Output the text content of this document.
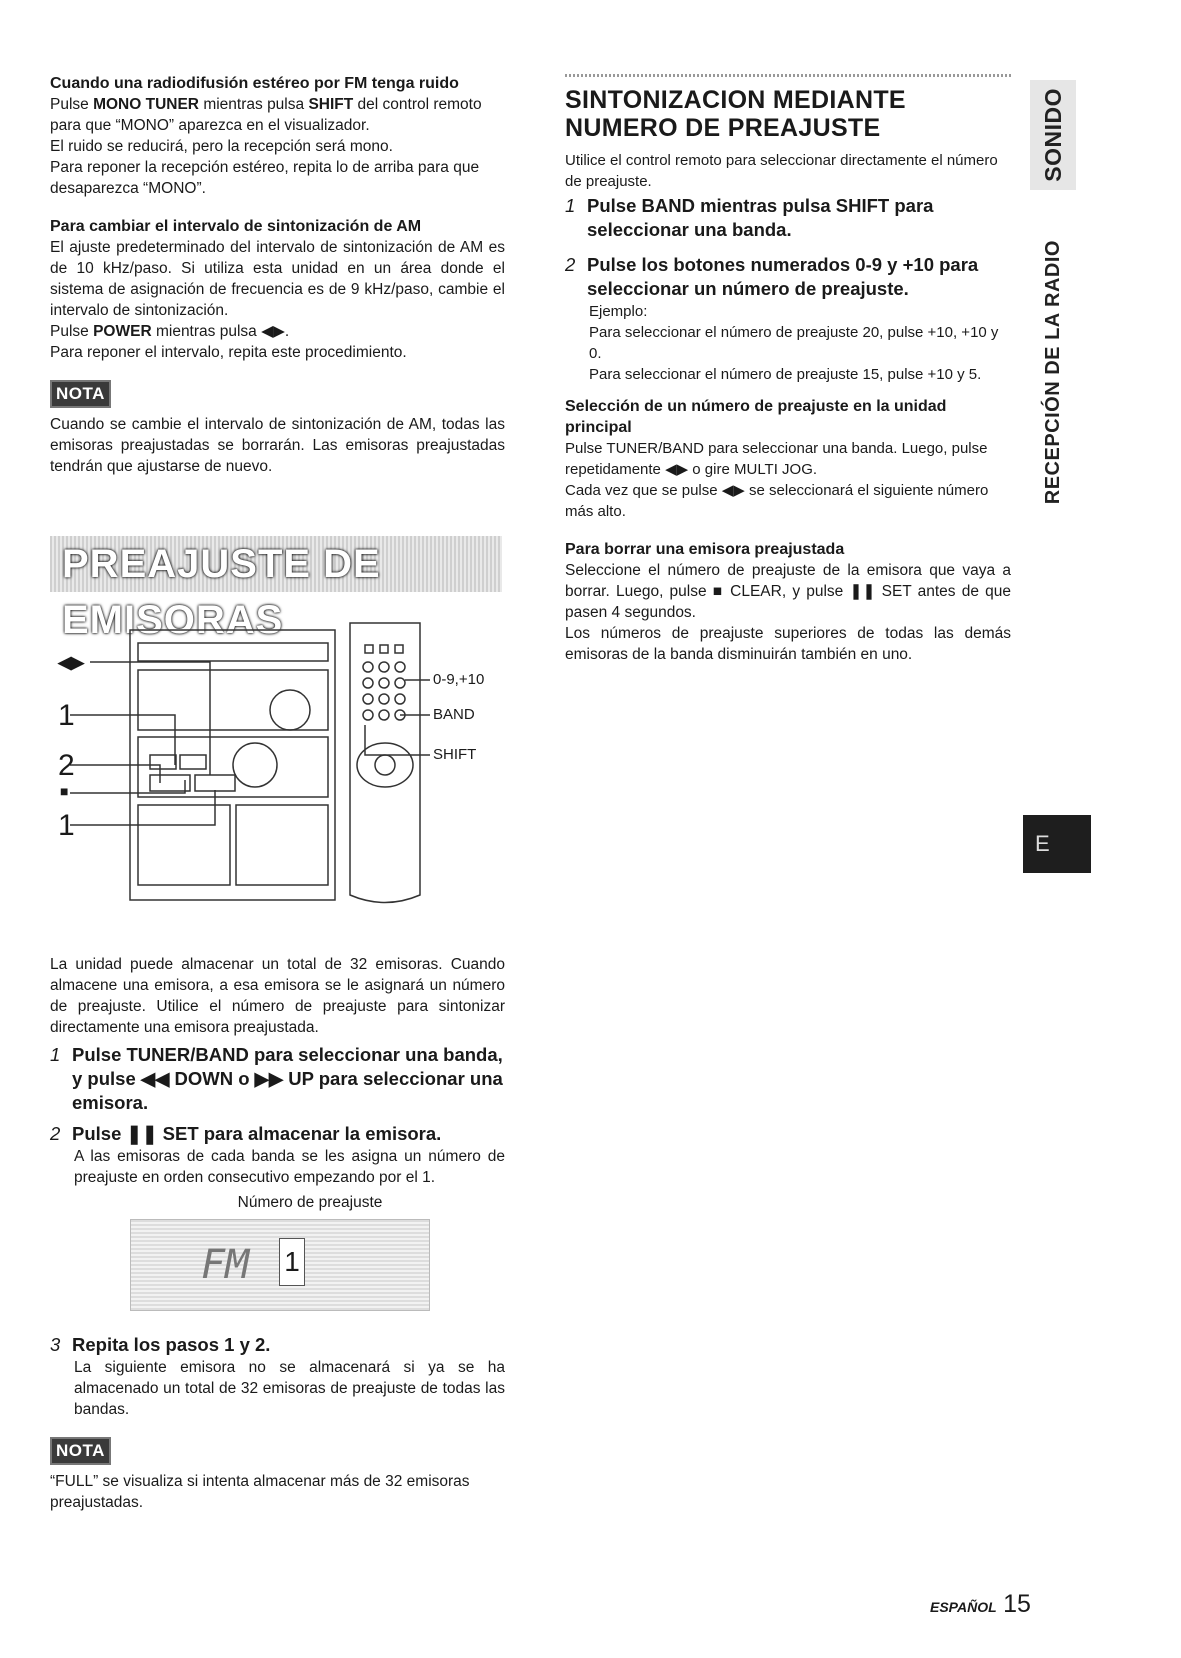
Cuando una radiodifusión estéreo por FM tenga ruido

Pulse MONO TUNER mientras pulsa SHIFT del control remoto

para que “MONO” aparezca en el visualizador.

El ruido se reducirá, pero la recepción será mono.

Para reponer la recepción estéreo, repita lo de arriba para que desaparezca “MONO”.

Para cambiar el intervalo de sintonización de AM

El ajuste predeterminado del intervalo de sintonización de AM es de 10 kHz/paso. Si utiliza esta unidad en un área donde el sistema de asignación de frecuencia es de 9 kHz/paso, cambie el intervalo de sintonización.

Pulse POWER mientras pulsa ◀▶.

Para reponer el intervalo, repita este procedimiento.

NOTA

Cuando se cambie el intervalo de sintonización de AM, todas las emisoras preajustadas se borrarán. Las emisoras preajustadas tendrán que ajustarse de nuevo.

PREAJUSTE DE EMISORAS
◀▶
1
2
■
1
0-9,+10
BAND
SHIFT

La unidad puede almacenar un total de 32 emisoras. Cuando almacene una emisora, a esa emisora se le asignará un número de preajuste. Utilice el número de preajuste para sintonizar directamente una emisora preajustada.

1 Pulse TUNER/BAND para seleccionar una banda, y pulse ◀◀ DOWN o ▶▶ UP para seleccionar una emisora.

2 Pulse ❚❚ SET para almacenar la emisora.

A las emisoras de cada banda se les asigna un número de preajuste en orden consecutivo empezando por el 1.

Número de preajuste

FM 1

3 Repita los pasos 1 y 2.

La siguiente emisora no se almacenará si ya se ha almacenado un total de 32 emisoras de preajuste de todas las bandas.

NOTA

“FULL” se visualiza si intenta almacenar más de 32 emisoras preajustadas.

SINTONIZACION MEDIANTE NUMERO DE PREAJUSTE

Utilice el control remoto para seleccionar directamente el número de preajuste.

1 Pulse BAND mientras pulsa SHIFT para seleccionar una banda.

2 Pulse los botones numerados 0-9 y +10 para seleccionar un número de preajuste.

Ejemplo:

Para seleccionar el número de preajuste 20, pulse +10, +10 y 0.

Para seleccionar el número de preajuste 15, pulse +10 y 5.

Selección de un número de preajuste en la unidad principal

Pulse TUNER/BAND para seleccionar una banda. Luego, pulse repetidamente ◀▶ o gire MULTI JOG.

Cada vez que se pulse ◀▶ se seleccionará el siguiente número más alto.

Para borrar una emisora preajustada

Seleccione el número de preajuste de la emisora que vaya a borrar. Luego, pulse ■ CLEAR, y pulse ❚❚ SET antes de que pasen 4 segundos.

Los números de preajuste superiores de todas las demás emisoras de la banda disminuirán también en uno.

SONIDO
RECEPCIÓN DE LA RADIO
E
ESPAÑOL 15
